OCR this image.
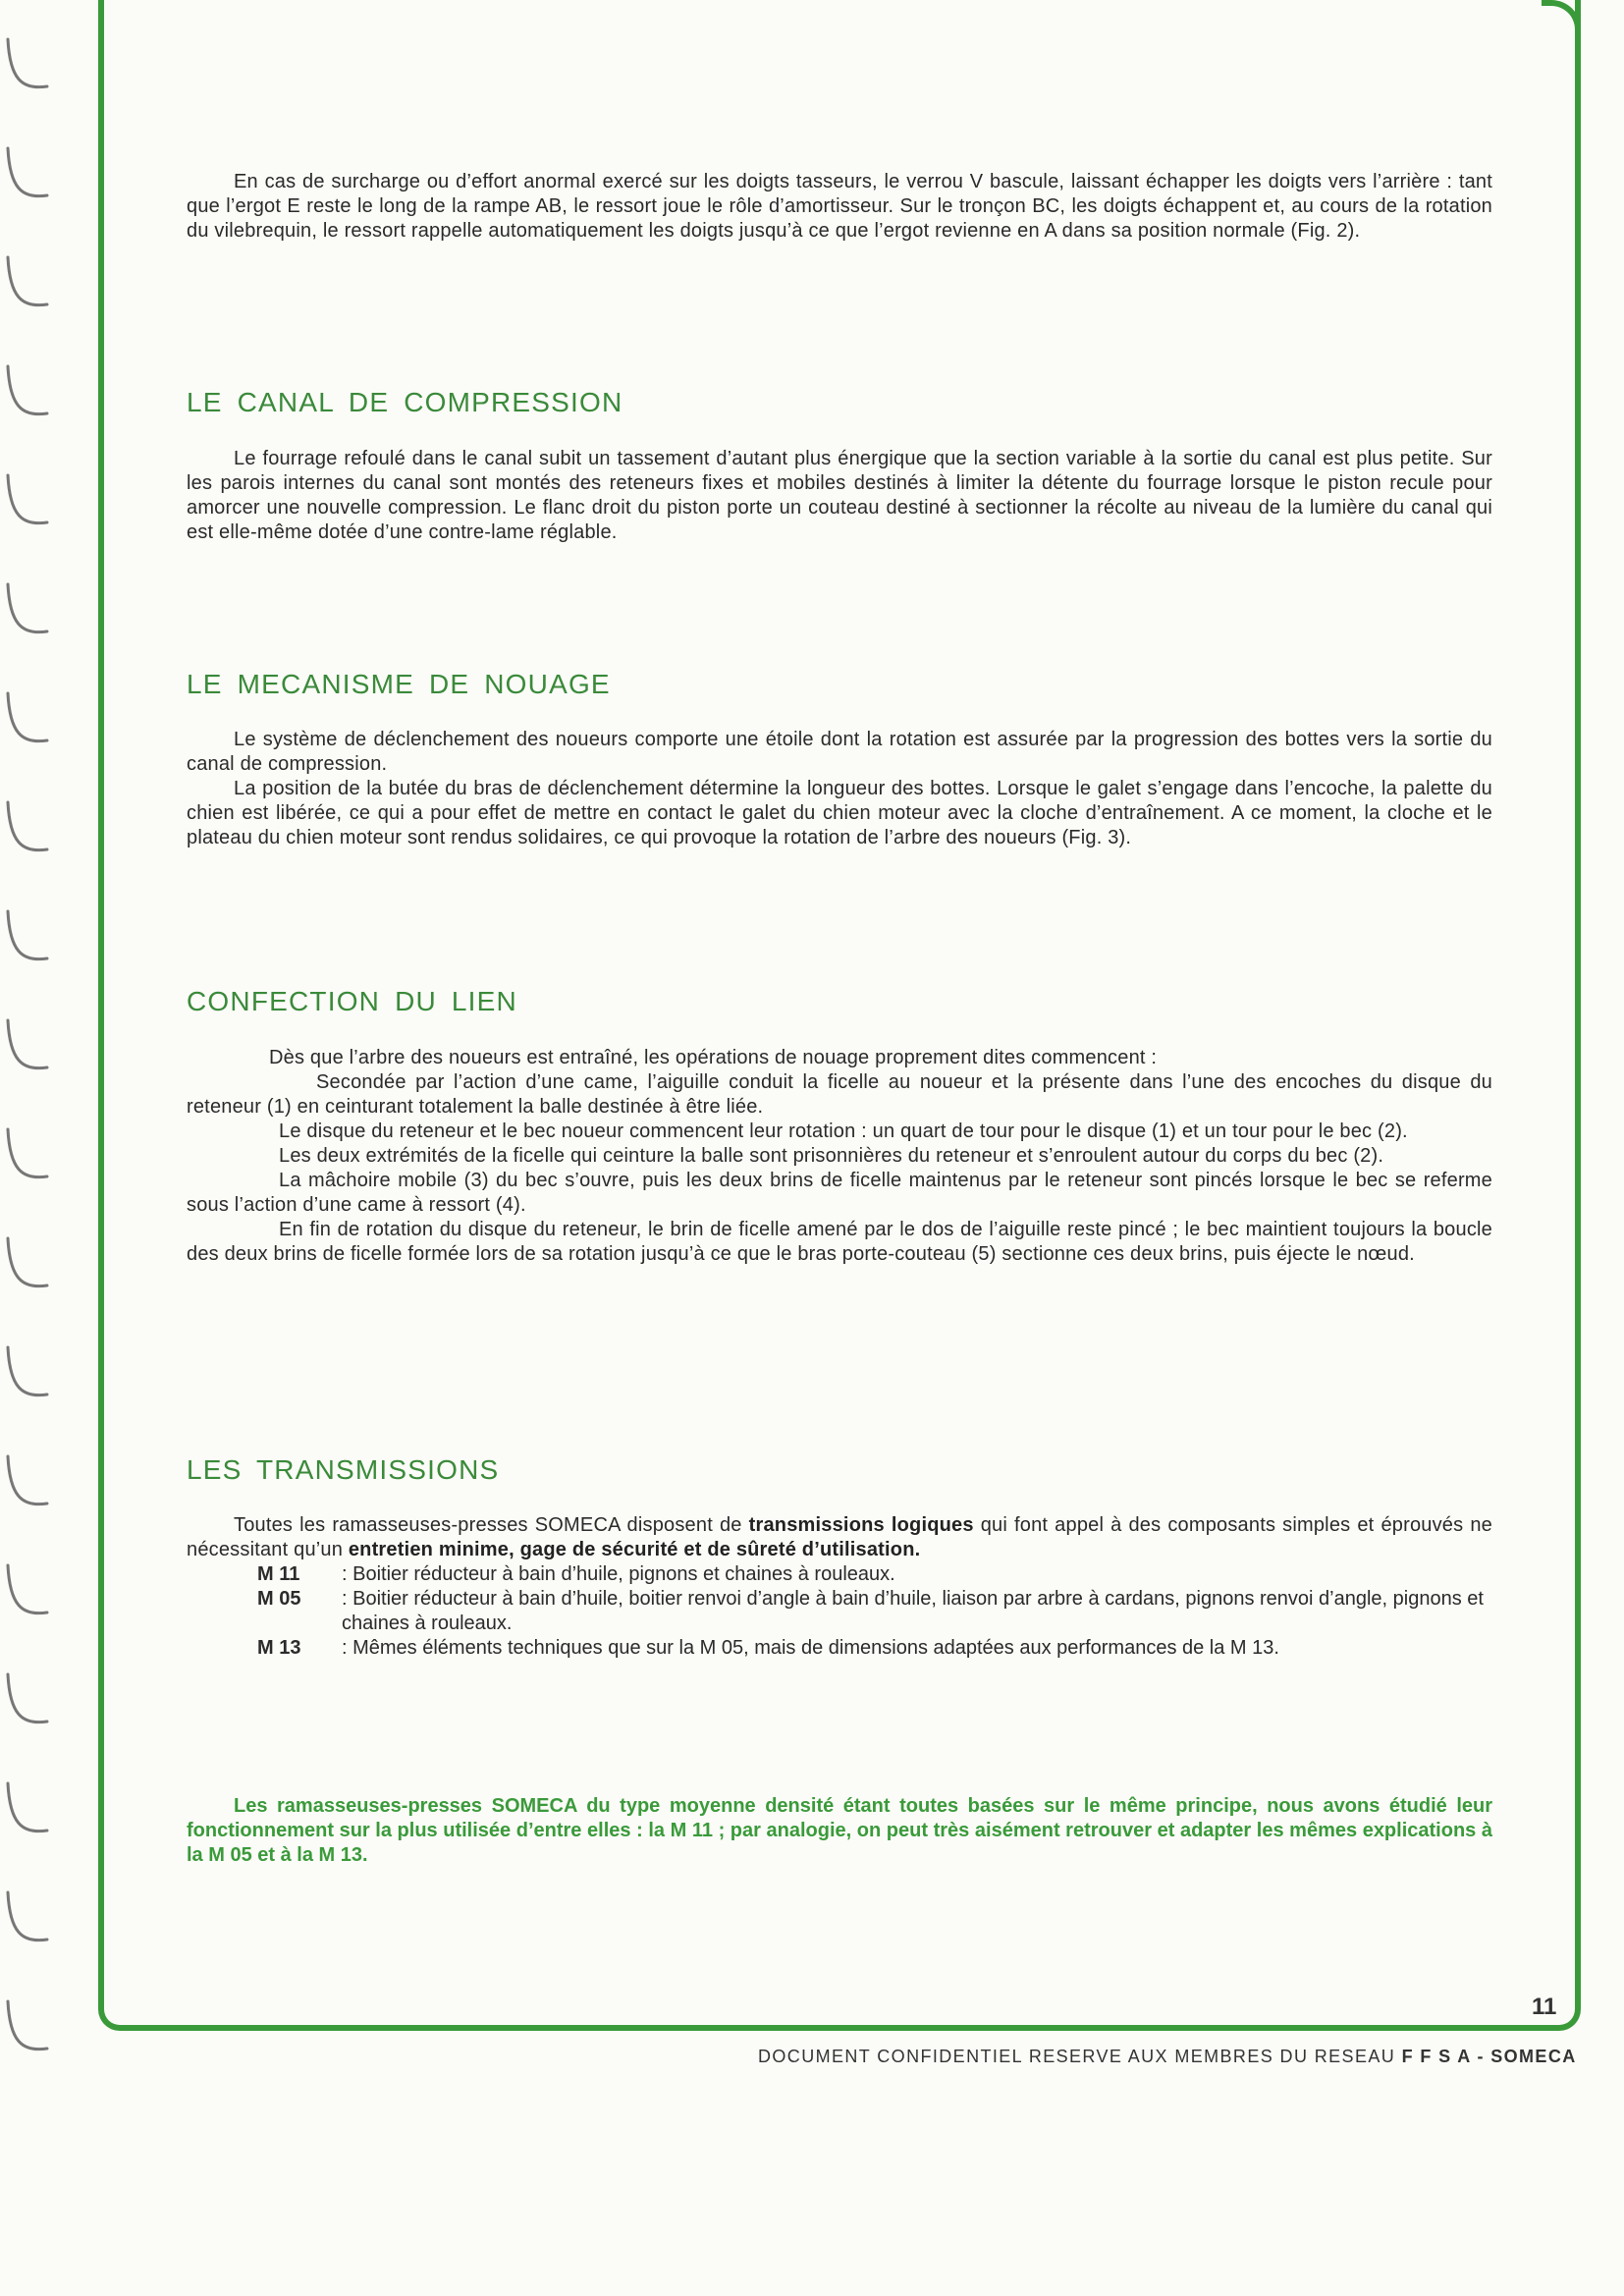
En cas de surcharge ou d’effort anormal exercé sur les doigts tasseurs, le verrou V bascule, laissant échapper les doigts vers l’arrière : tant que l’ergot E reste le long de la rampe AB, le ressort joue le rôle d’amortisseur. Sur le tronçon BC, les doigts échappent et, au cours de la rotation du vilebrequin, le ressort rappelle automatiquement les doigts jusqu’à ce que l’ergot revienne en A dans sa position normale (Fig. 2).

LE CANAL DE COMPRESSION

Le fourrage refoulé dans le canal subit un tassement d’autant plus énergique que la section variable à la sortie du canal est plus petite. Sur les parois internes du canal sont montés des reteneurs fixes et mobiles destinés à limiter la détente du fourrage lorsque le piston recule pour amorcer une nouvelle compression. Le flanc droit du piston porte un couteau destiné à sectionner la récolte au niveau de la lumière du canal qui est elle-même dotée d’une contre-lame réglable.

LE MECANISME DE NOUAGE

Le système de déclenchement des noueurs comporte une étoile dont la rotation est assurée par la progression des bottes vers la sortie du canal de compression.

La position de la butée du bras de déclenchement détermine la longueur des bottes. Lorsque le galet s’engage dans l’encoche, la palette du chien est libérée, ce qui a pour effet de mettre en contact le galet du chien moteur avec la cloche d’entraînement. A ce moment, la cloche et le plateau du chien moteur sont rendus solidaires, ce qui provoque la rotation de l’arbre des noueurs (Fig. 3).

CONFECTION DU LIEN

Dès que l’arbre des noueurs est entraîné, les opérations de nouage proprement dites commencent :

Secondée par l’action d’une came, l’aiguille conduit la ficelle au noueur et la présente dans l’une des encoches du disque du reteneur (1) en ceinturant totalement la balle destinée à être liée.

Le disque du reteneur et le bec noueur commencent leur rotation : un quart de tour pour le disque (1) et un tour pour le bec (2).

Les deux extrémités de la ficelle qui ceinture la balle sont prisonnières du reteneur et s’enroulent autour du corps du bec (2).

La mâchoire mobile (3) du bec s’ouvre, puis les deux brins de ficelle maintenus par le reteneur sont pincés lorsque le bec se referme sous l’action d’une came à ressort (4).

En fin de rotation du disque du reteneur, le brin de ficelle amené par le dos de l’aiguille reste pincé ; le bec maintient toujours la boucle des deux brins de ficelle formée lors de sa rotation jusqu’à ce que le bras porte-couteau (5) sectionne ces deux brins, puis éjecte le nœud.

LES TRANSMISSIONS

Toutes les ramasseuses-presses SOMECA disposent de transmissions logiques qui font appel à des composants simples et éprouvés ne nécessitant qu’un entretien minime, gage de sécurité et de sûreté d’utilisation.

M 11	: Boitier réducteur à bain d’huile, pignons et chaines à rouleaux.
M 05	: Boitier réducteur à bain d’huile, boitier renvoi d’angle à bain d’huile, liaison par arbre à cardans, pignons renvoi d’angle, pignons et chaines à rouleaux.
M 13	: Mêmes éléments techniques que sur la M 05, mais de dimensions adaptées aux performances de la M 13.

Les ramasseuses-presses SOMECA du type moyenne densité étant toutes basées sur le même principe, nous avons étudié leur fonctionnement sur la plus utilisée d’entre elles : la M 11 ; par analogie, on peut très aisément retrouver et adapter les mêmes explications à la M 05 et à la M 13.

11
DOCUMENT CONFIDENTIEL RESERVE AUX MEMBRES DU RESEAU F F S A - SOMECA
